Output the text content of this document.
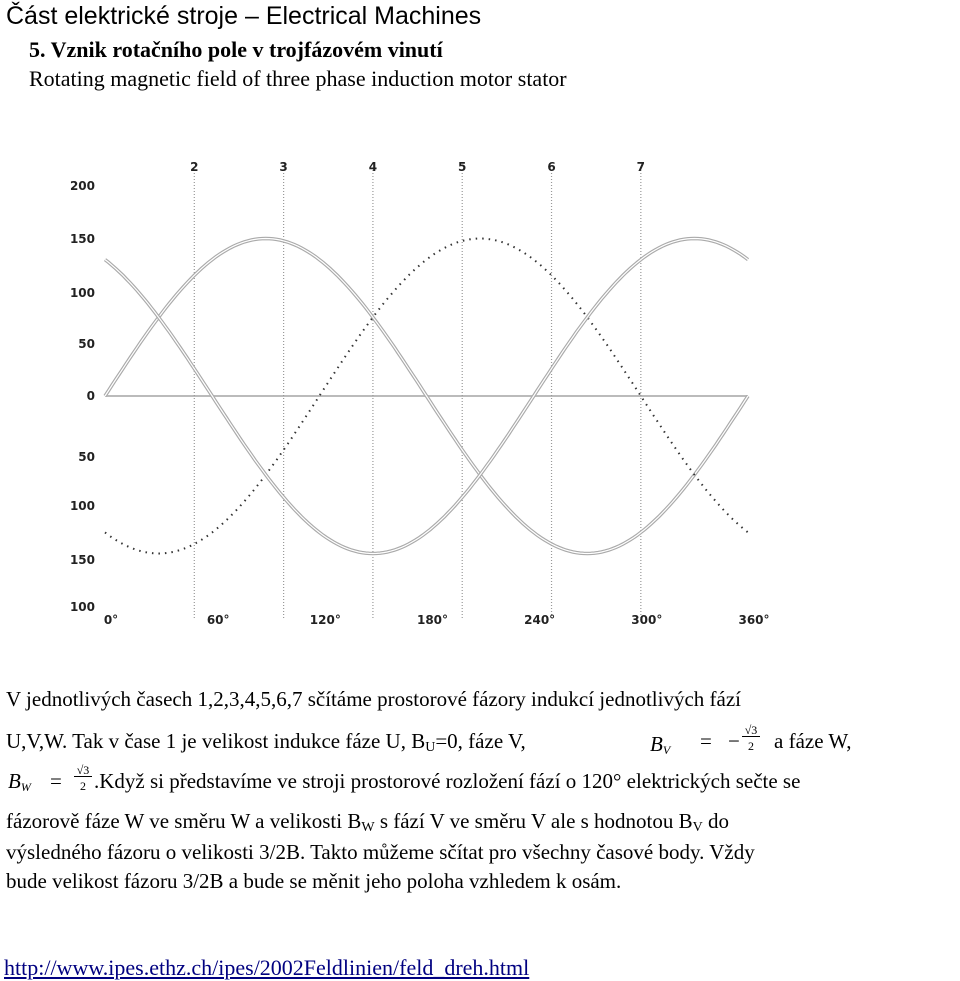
Část elektrické stroje – Electrical Machines
5. Vznik rotačního pole v trojfázovém vinutí
Rotating magnetic field of three phase induction motor stator
200
150
100
50
0
50
100
150
100
2	3	4	5	6	7
0°	60°	120°	180°	240°	300°	360°
V jednotlivých časech 1,2,3,4,5,6,7 sčítáme prostorové fázory indukcí jednotlivých fází
U,V,W. Tak v čase 1 je velikost indukce fáze U, $B_U=0$, fáze V,	$B_V$ = − √3
2 a fáze W,
$B_W = √3$
2 .Když si představíme ve stroji prostorové rozložení fází o 120° elektrických sečte se
fázorově fáze W ve směru W a velikosti $B_W$ s fází V ve směru V ale s hodnotou $B_V$ do
výsledného fázoru o velikosti 3/2B. Takto můžeme sčítat pro všechny časové body. Vždy
bude velikost fázoru 3/2B a bude se měnit jeho poloha vzhledem k osám.
http://www.ipes.ethz.ch/ipes/2002Feldlinien/feld_dreh.html
